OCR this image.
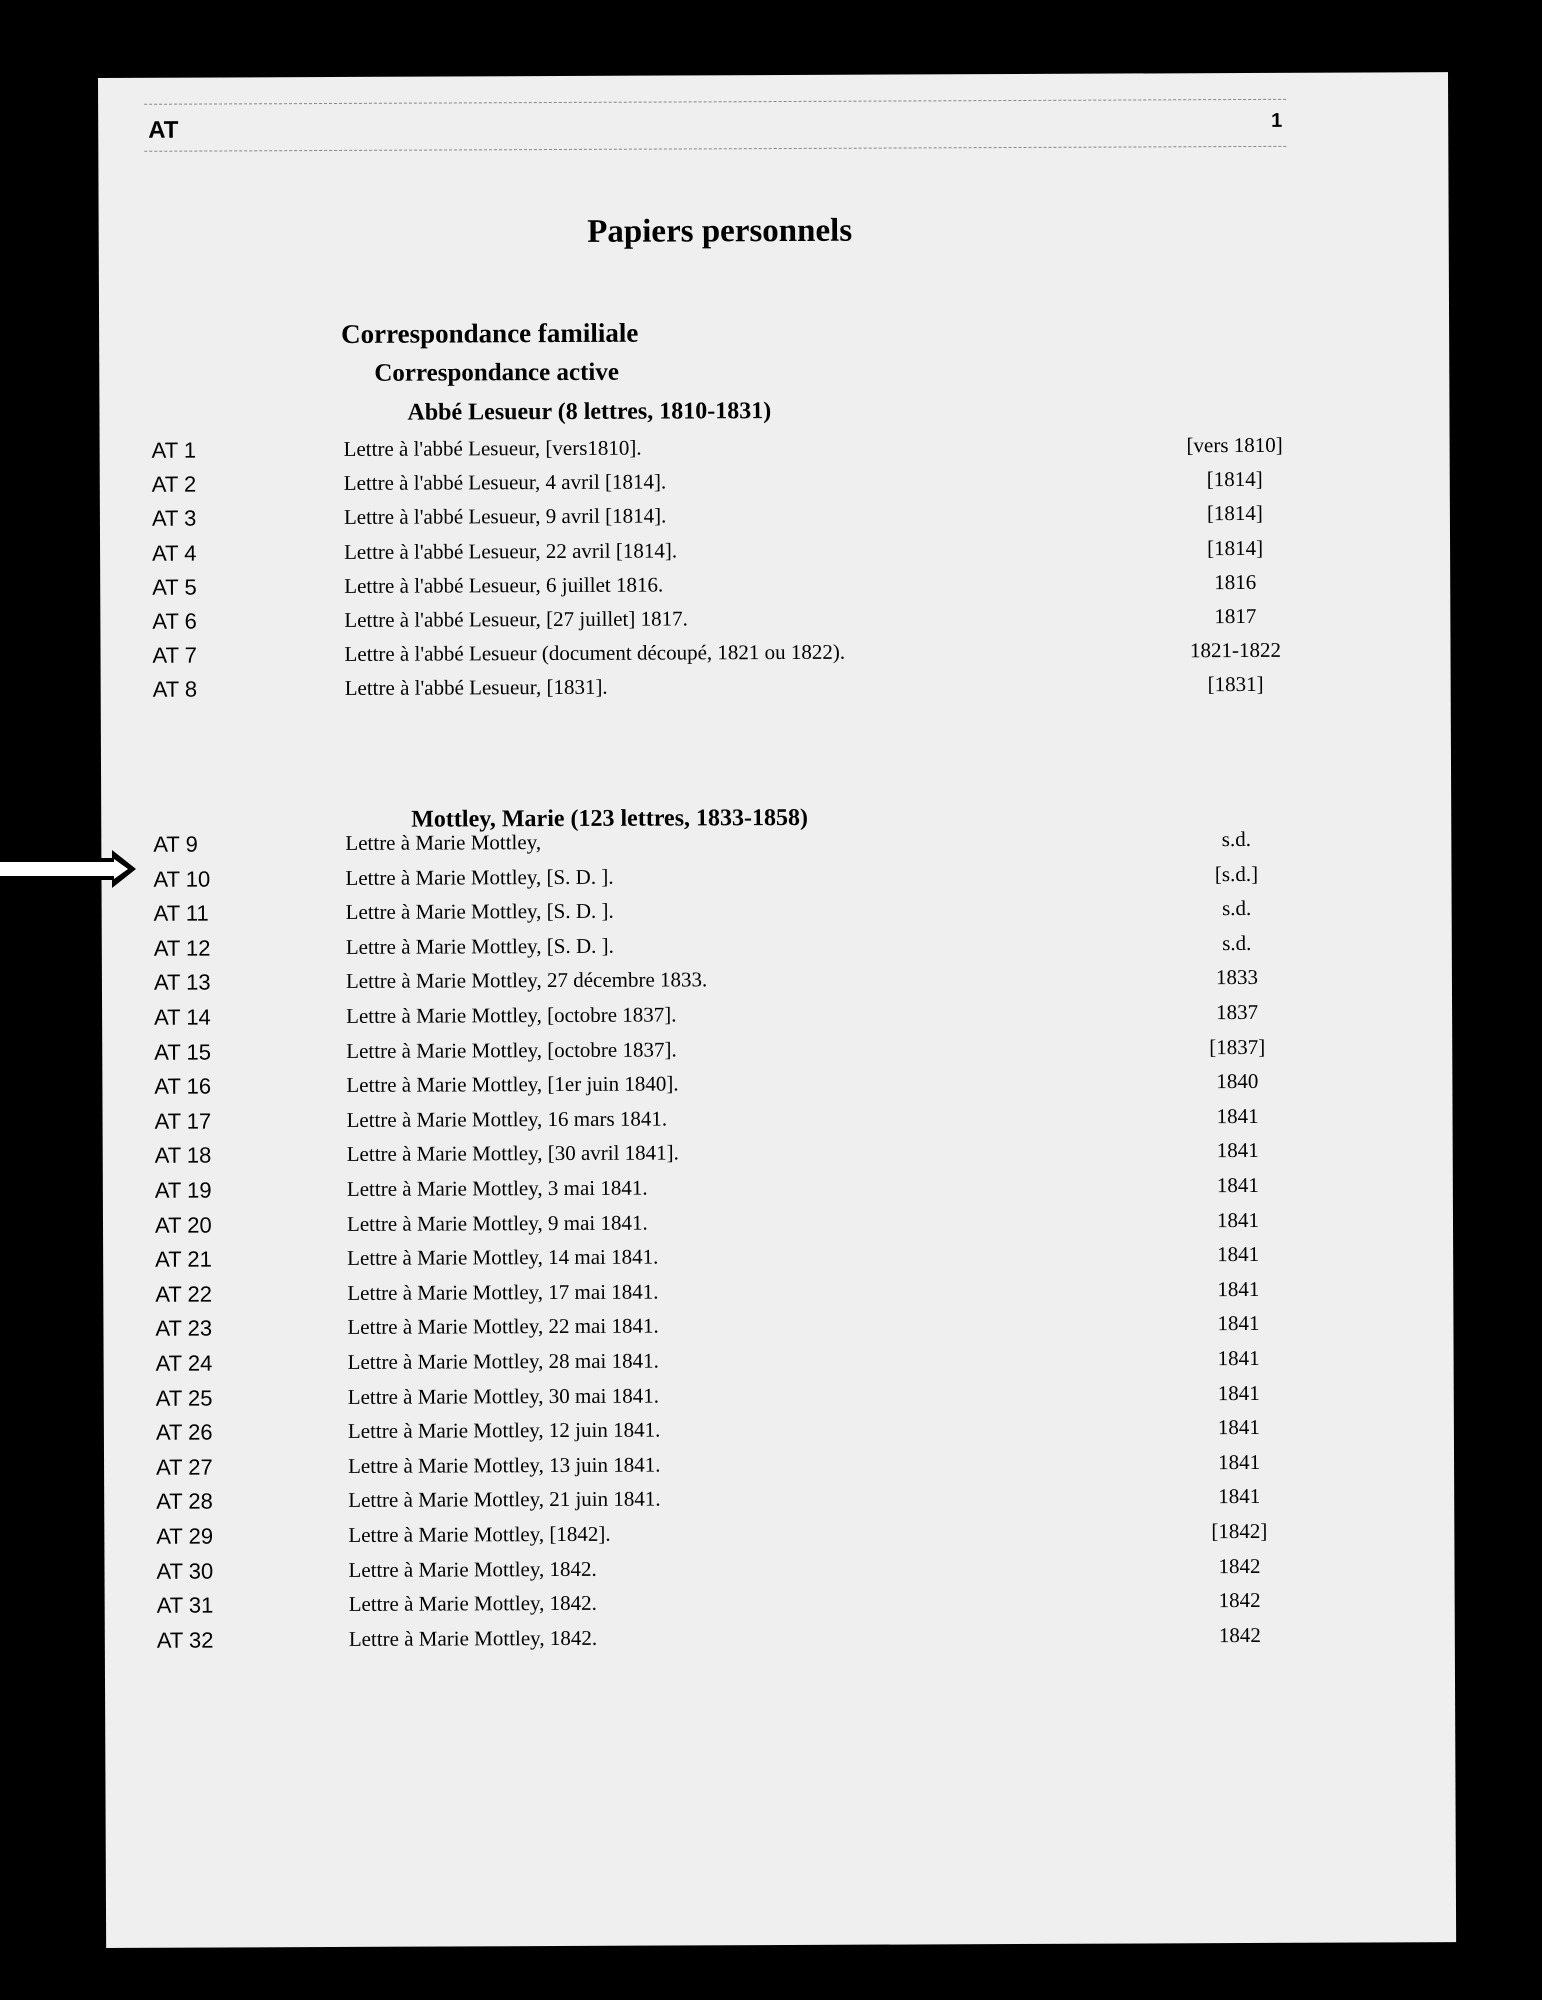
AT	1
Papiers personnels
Correspondance familiale
Correspondance active
Abbé Lesueur (8 lettres, 1810-1831)
Mottley, Marie (123 lettres, 1833-1858)
AT 1	Lettre à l'abbé Lesueur, [vers1810].	[vers 1810]
AT 2	Lettre à l'abbé Lesueur, 4 avril [1814].	[1814]
AT 3	Lettre à l'abbé Lesueur, 9 avril [1814].	[1814]
AT 4	Lettre à l'abbé Lesueur, 22 avril [1814].	[1814]
AT 5	Lettre à l'abbé Lesueur, 6 juillet 1816.	1816
AT 6	Lettre à l'abbé Lesueur, [27 juillet] 1817.	1817
AT 7	Lettre à l'abbé Lesueur (document découpé, 1821 ou 1822).	1821-1822
AT 8	Lettre à l'abbé Lesueur, [1831].	[1831]
AT 9	Lettre à Marie Mottley,	s.d.
AT 10	Lettre à Marie Mottley, [S. D. ].	[s.d.]
AT 11	Lettre à Marie Mottley, [S. D. ].	s.d.
AT 12	Lettre à Marie Mottley, [S. D. ].	s.d.
AT 13	Lettre à Marie Mottley, 27 décembre 1833.	1833
AT 14	Lettre à Marie Mottley, [octobre 1837].	1837
AT 15	Lettre à Marie Mottley, [octobre 1837].	[1837]
AT 16	Lettre à Marie Mottley, [1er juin 1840].	1840
AT 17	Lettre à Marie Mottley, 16 mars 1841.	1841
AT 18	Lettre à Marie Mottley, [30 avril 1841].	1841
AT 19	Lettre à Marie Mottley, 3 mai 1841.	1841
AT 20	Lettre à Marie Mottley, 9 mai 1841.	1841
AT 21	Lettre à Marie Mottley, 14 mai 1841.	1841
AT 22	Lettre à Marie Mottley, 17 mai 1841.	1841
AT 23	Lettre à Marie Mottley, 22 mai 1841.	1841
AT 24	Lettre à Marie Mottley, 28 mai 1841.	1841
AT 25	Lettre à Marie Mottley, 30 mai 1841.	1841
AT 26	Lettre à Marie Mottley, 12 juin 1841.	1841
AT 27	Lettre à Marie Mottley, 13 juin 1841.	1841
AT 28	Lettre à Marie Mottley, 21 juin 1841.	1841
AT 29	Lettre à Marie Mottley, [1842].	[1842]
AT 30	Lettre à Marie Mottley, 1842.	1842
AT 31	Lettre à Marie Mottley, 1842.	1842
AT 32	Lettre à Marie Mottley, 1842.	1842
